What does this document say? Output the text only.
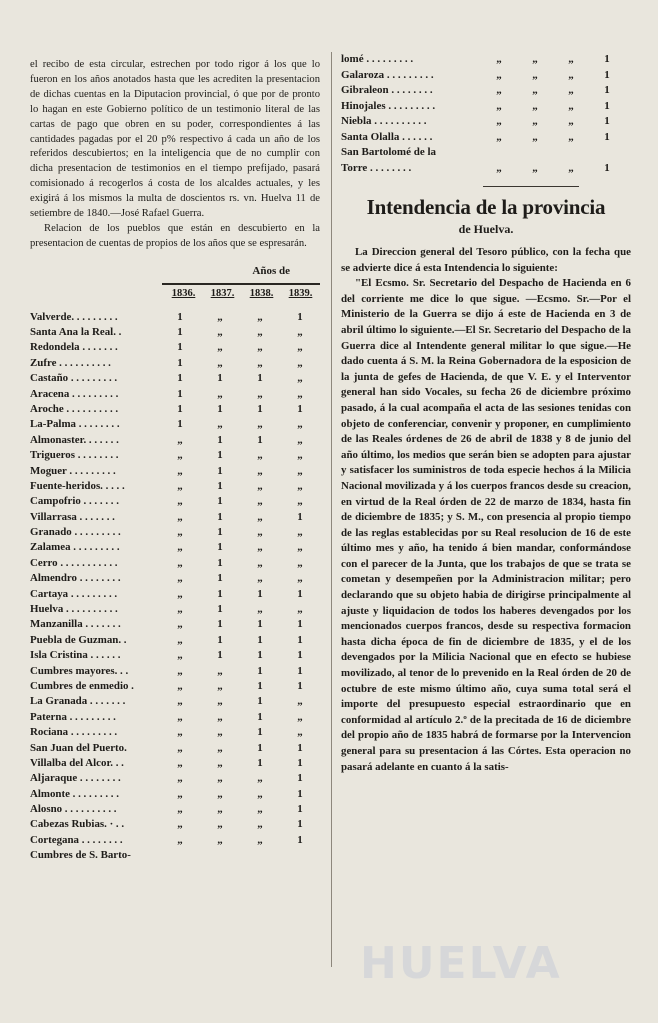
el recibo de esta circular, estrechen por todo rigor á los que lo fueron en los años anotados hasta que les acrediten la presentacion de dichas cuentas en la Diputacion provincial, ó que por de pronto lo hagan en este Gobierno político de un testimonio literal de las cartas de pago que obren en su poder, correspondientes á las cantidades pagadas por el 20 p% respectivo á cada un año de los referidos descubiertos; en la inteligencia que de no cumplir con dicha presentacion de testimonios en el tiempo prefijado, pasará comisionado á recogerlos á costa de los alcaldes actuales, y les exigirá á los mismos la multa de doscientos rs. vn. Huelva 11 de setiembre de 1840.—José Rafael Guerra.

Relacion de los pueblos que están en descubierto en la presentacion de cuentas de propios de los años que se espresarán.

Años de
1836.	1837.	1838.	1839.
Valverde. . . . . . . . .	1	„	„	1
Santa Ana la Real. .	1	„	„	„
Redondela . . . . . . .	1	„	„	„
Zufre . . . . . . . . . .	1	„	„	„
Castaño . . . . . . . . .	1	1	1	„
Aracena . . . . . . . . .	1	„	„	„
Aroche . . . . . . . . . .	1	1	1	1
La-Palma . . . . . . . .	1	„	„	„
Almonaster. . . . . . .	„	1	1	„
Trigueros . . . . . . . .	„	1	„	„
Moguer . . . . . . . . .	„	1	„	„
Fuente-heridos. . . . .	„	1	„	„
Campofrio . . . . . . .	„	1	„	„
Villarrasa . . . . . . .	„	1	„	1
Granado . . . . . . . . .	„	1	„	„
Zalamea . . . . . . . . .	„	1	„	„
Cerro . . . . . . . . . . .	„	1	„	„
Almendro . . . . . . . .	„	1	„	„
Cartaya . . . . . . . . .	„	1	1	1
Huelva . . . . . . . . . .	„	1	„	„
Manzanilla . . . . . . .	„	1	1	1
Puebla de Guzman. .	„	1	1	1
Isla Cristina . . . . . .	„	1	1	1
Cumbres mayores. . .	„	„	1	1
Cumbres de enmedio .	„	„	1	1
La Granada . . . . . . .	„	„	1	„
Paterna . . . . . . . . .	„	„	1	„
Rociana . . . . . . . . .	„	„	1	„
San Juan del Puerto.	„	„	1	1
Villalba del Alcor. . .	„	„	1	1
Aljaraque . . . . . . . .	„	„	„	1
Almonte . . . . . . . . .	„	„	„	1
Alosno . . . . . . . . . .	„	„	„	1
Cabezas Rubias. · . .	„	„	„	1
Cortegana . . . . . . . .	„	„	„	1
Cumbres de S. Barto-
lomé . . . . . . . . .	„	„	„	1
Galaroza . . . . . . . . .	„	„	„	1
Gibraleon . . . . . . . .	„	„	„	1
Hinojales . . . . . . . . .	„	„	„	1
Niebla . . . . . . . . . .	„	„	„	1
Santa Olalla . . . . . .	„	„	„	1
San Bartolomé de la
Torre . . . . . . . .	„	„	„	1
Intendencia de la provincia
de Huelva.

La Direccion general del Tesoro público, con la fecha que se advierte dice á esta Intendencia lo siguiente:

"El Ecsmo. Sr. Secretario del Despacho de Hacienda en 6 del corriente me dice lo que sigue. —Ecsmo. Sr.—Por el Ministerio de la Guerra se dijo á este de Hacienda en 3 de abril último lo siguiente.—El Sr. Secretario del Despacho de la Guerra dice al Intendente general militar lo que sigue.—He dado cuenta á S. M. la Reina Gobernadora de la esposicion de la junta de gefes de Hacienda, de que V. E. y el Interventor general han sido Vocales, su fecha 26 de diciembre próximo pasado, á la cual acompaña el acta de las sesiones tenidas con objeto de conferenciar, convenir y proponer, en cumplimiento de las Reales órdenes de 26 de abril de 1838 y 8 de junio del año último, los medios que serán bien se adopten para ajustar y satisfacer los suministros de toda especie hechos á la Milicia Nacional movilizada y á los cuerpos francos desde su creacion, en virtud de la Real órden de 22 de marzo de 1834, hasta fin de diciembre de 1835; y S. M., con presencia al propio tiempo de las reglas establecidas por su Real resolucion de 16 de este último mes y año, ha tenido á bien mandar, conformándose con el parecer de la Junta, que los trabajos de que se trata se cometan y desempeñen por la Administracion militar; pero declarando que su objeto habia de dirigirse principalmente al ajuste y liquidacion de todos los haberes devengados por los mencionados cuerpos francos, desde su respectiva formacion hasta dicha época de fin de diciembre de 1835, y el de los devengados por la Milicia Nacional que en efecto se hubiese movilizado, al tenor de lo prevenido en la Real órden de 20 de octubre de este mismo último año, cuya suma total será el importe del presupuesto especial estraordinario que en conformidad al artículo 2.º de la precitada de 16 de diciembre del propio año de 1835 habrá de formarse por la Intervencion general para su presentacion á las Córtes. Esta operacion no pasará adelante en cuanto á la satis-

HUELVA
